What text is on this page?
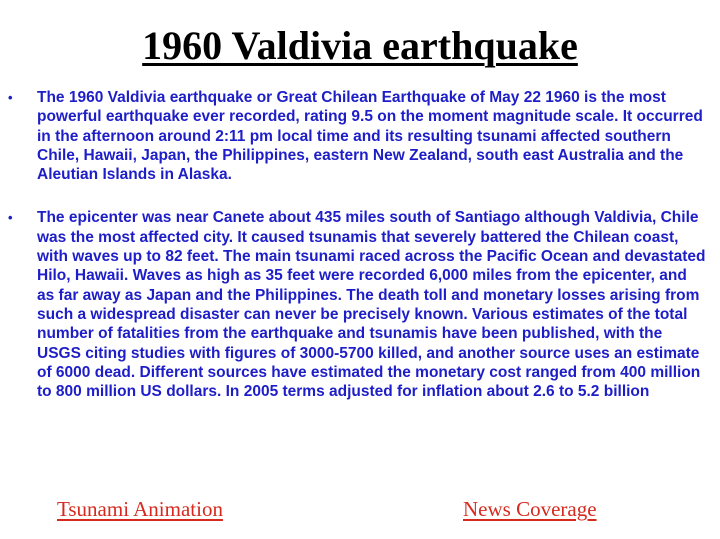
1960 Valdivia earthquake
• The 1960 Valdivia earthquake or Great Chilean Earthquake of May 22 1960 is the most powerful earthquake ever recorded, rating 9.5 on the moment magnitude scale. It occurred in the afternoon around 2:11 pm local time and its resulting tsunami affected southern Chile, Hawaii, Japan, the Philippines, eastern New Zealand, south east Australia and the Aleutian Islands in Alaska.
• The epicenter was near Canete about 435 miles south of Santiago although Valdivia, Chile was the most affected city. It caused tsunamis that severely battered the Chilean coast, with waves up to 82 feet. The main tsunami raced across the Pacific Ocean and devastated Hilo, Hawaii. Waves as high as 35 feet were recorded 6,000 miles from the epicenter, and as far away as Japan and the Philippines. The death toll and monetary losses arising from such a widespread disaster can never be precisely known. Various estimates of the total number of fatalities from the earthquake and tsunamis have been published, with the USGS citing studies with figures of 3000-5700 killed, and another source uses an estimate of 6000 dead. Different sources have estimated the monetary cost ranged from 400 million to 800 million US dollars. In 2005 terms adjusted for inflation about 2.6 to 5.2 billion
Tsunami Animation	News Coverage
